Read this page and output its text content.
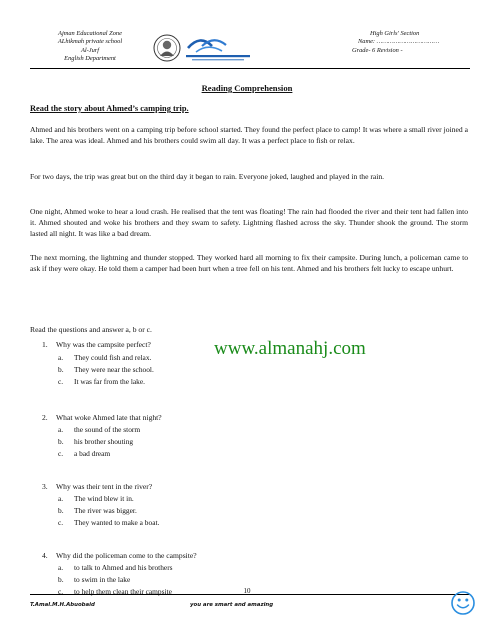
Ajman Educational Zone
ALhikmah private school
Al-Jurf
English Department
High Girls' Section
Name: ……………………………
Grade- 6 Revision -
Reading Comprehension
Read the story about Ahmed’s camping trip.
Ahmed and his brothers went on a camping trip before school started. They found the perfect place to camp! It was where a small river joined a lake. The area was ideal. Ahmed and his brothers could swim all day. It was a perfect place to fish or relax.
For two days, the trip was great but on the third day it began to rain. Everyone joked, laughed and played in the rain.
One night, Ahmed woke to hear a loud crash. He realised that the tent was floating! The rain had flooded the river and their tent had fallen into it. Ahmed shouted and woke his brothers and they swam to safety. Lightning flashed across the sky. Thunder shook the ground. The storm lasted all night. It was like a bad dream.
The next morning, the lightning and thunder stopped. They worked hard all morning to fix their campsite. During lunch, a policeman came to ask if they were okay. He told them a camper had been hurt when a tree fell on his tent. Ahmed and his brothers felt lucky to escape unhurt.
Read the questions and answer a, b or c.
1. Why was the campsite perfect?
a. They could fish and relax.
b. They were near the school.
c. It was far from the lake.
2. What woke Ahmed late that night?
a. the sound of the storm
b. his brother shouting
c. a bad dream
3. Why was their tent in the river?
a. The wind blew it in.
b. The river was bigger.
c. They wanted to make a boat.
4. Why did the policeman come to the campsite?
a. to talk to Ahmed and his brothers
b. to swim in the lake
c. to help them clean their campsite
www.almanahj.com
10
T.Amal.M.H.Abuobaid	you are smart and amazing
